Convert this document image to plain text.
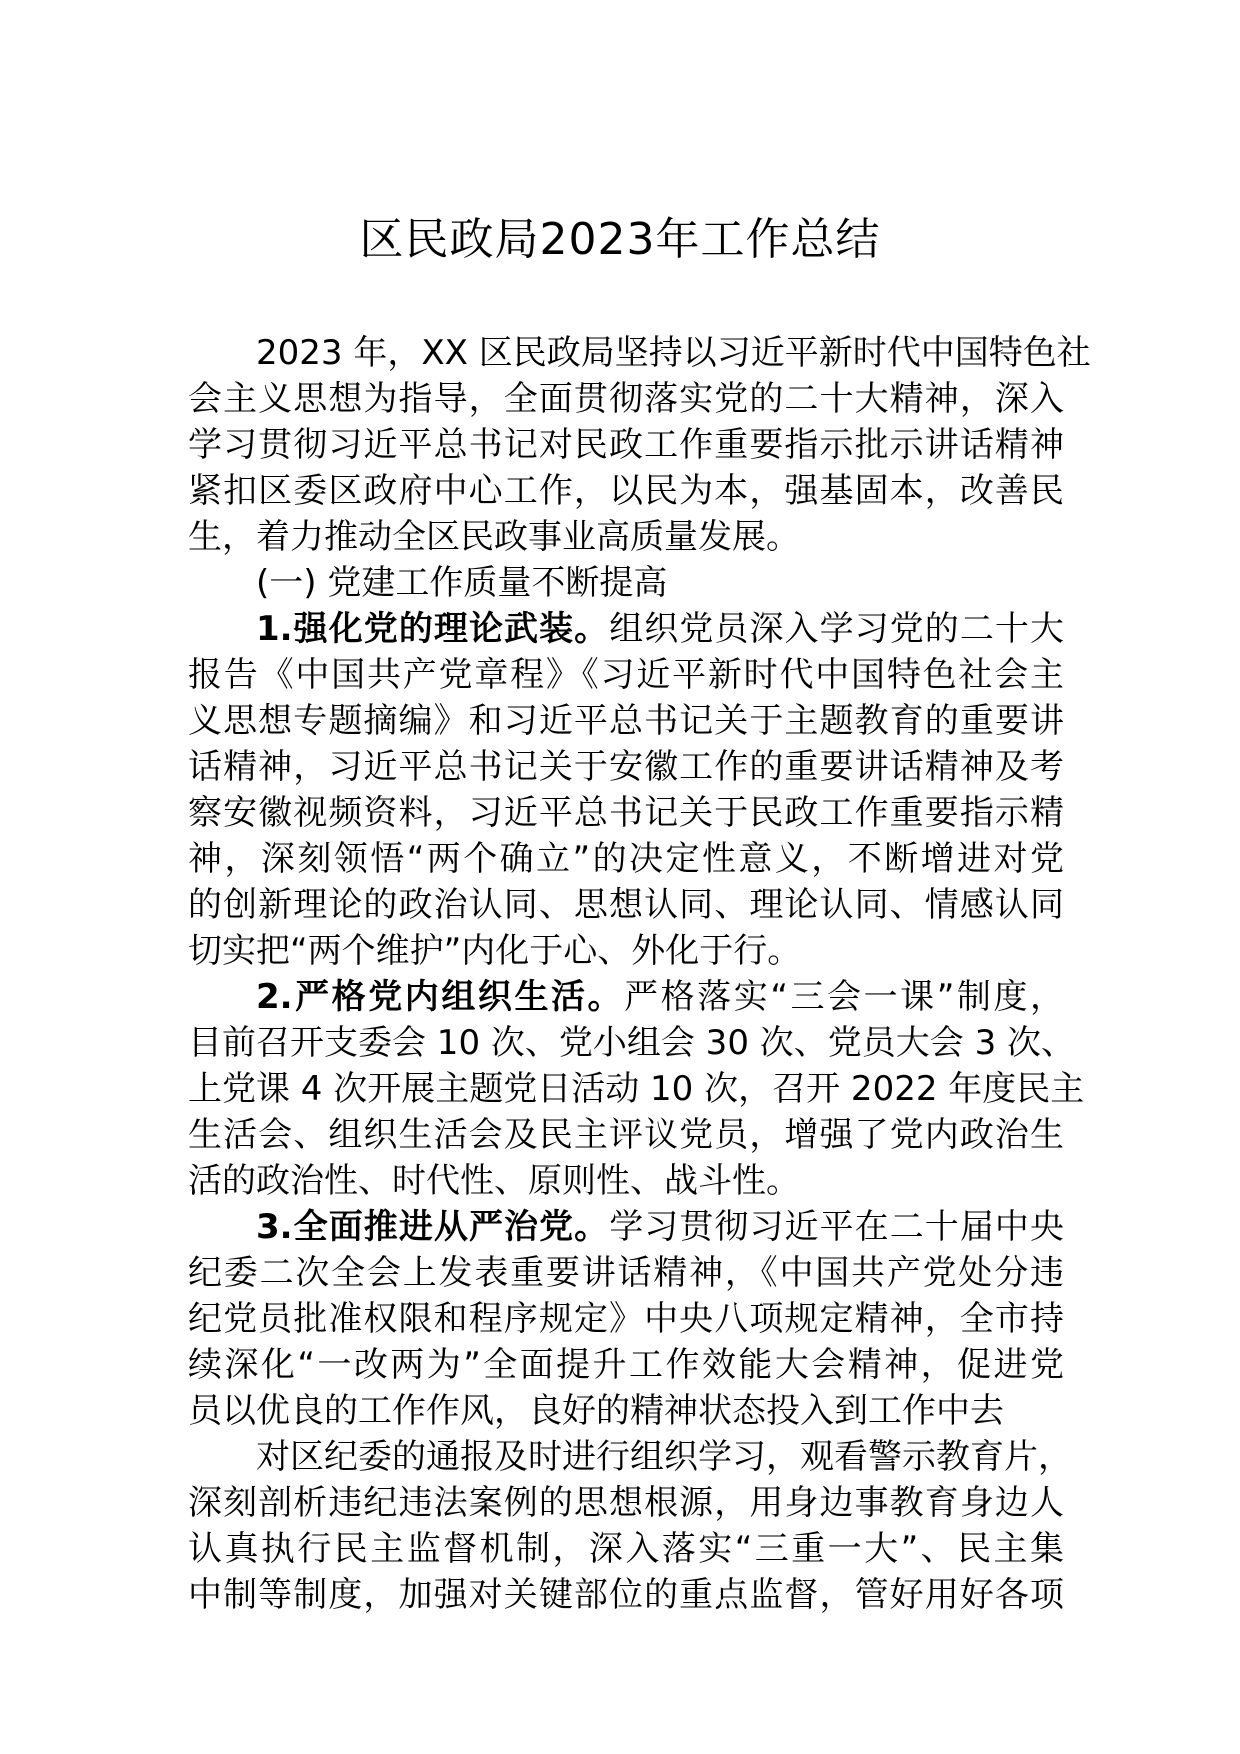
区民政局2023年工作总结
2023 年，XX 区民政局坚持以习近平新时代中国特色社
会主义思想为指导，全面贯彻落实党的二十大精神，深入
学习贯彻习近平总书记对民政工作重要指示批示讲话精神
紧扣区委区政府中心工作，以民为本，强基固本，改善民
生，着力推动全区民政事业高质量发展。
(一) 党建工作质量不断提高
1.强化党的理论武装。组织党员深入学习党的二十大
报告《中国共产党章程》《习近平新时代中国特色社会主
义思想专题摘编》和习近平总书记关于主题教育的重要讲
话精神，习近平总书记关于安徽工作的重要讲话精神及考
察安徽视频资料，习近平总书记关于民政工作重要指示精
神，深刻领悟“两个确立”的决定性意义，不断增进对党
的创新理论的政治认同、思想认同、理论认同、情感认同
切实把“两个维护”内化于心、外化于行。
2.严格党内组织生活。严格落实“三会一课”制度，
目前召开支委会 10 次、党小组会 30 次、党员大会 3 次、
上党课 4 次开展主题党日活动 10 次，召开 2022 年度民主
生活会、组织生活会及民主评议党员，增强了党内政治生
活的政治性、时代性、原则性、战斗性。
3.全面推进从严治党。学习贯彻习近平在二十届中央
纪委二次全会上发表重要讲话精神，《中国共产党处分违
纪党员批准权限和程序规定》中央八项规定精神，全市持
续深化“一改两为”全面提升工作效能大会精神，促进党
员以优良的工作作风，良好的精神状态投入到工作中去
对区纪委的通报及时进行组织学习，观看警示教育片，
深刻剖析违纪违法案例的思想根源，用身边事教育身边人
认真执行民主监督机制，深入落实“三重一大”、民主集
中制等制度，加强对关键部位的重点监督，管好用好各项
